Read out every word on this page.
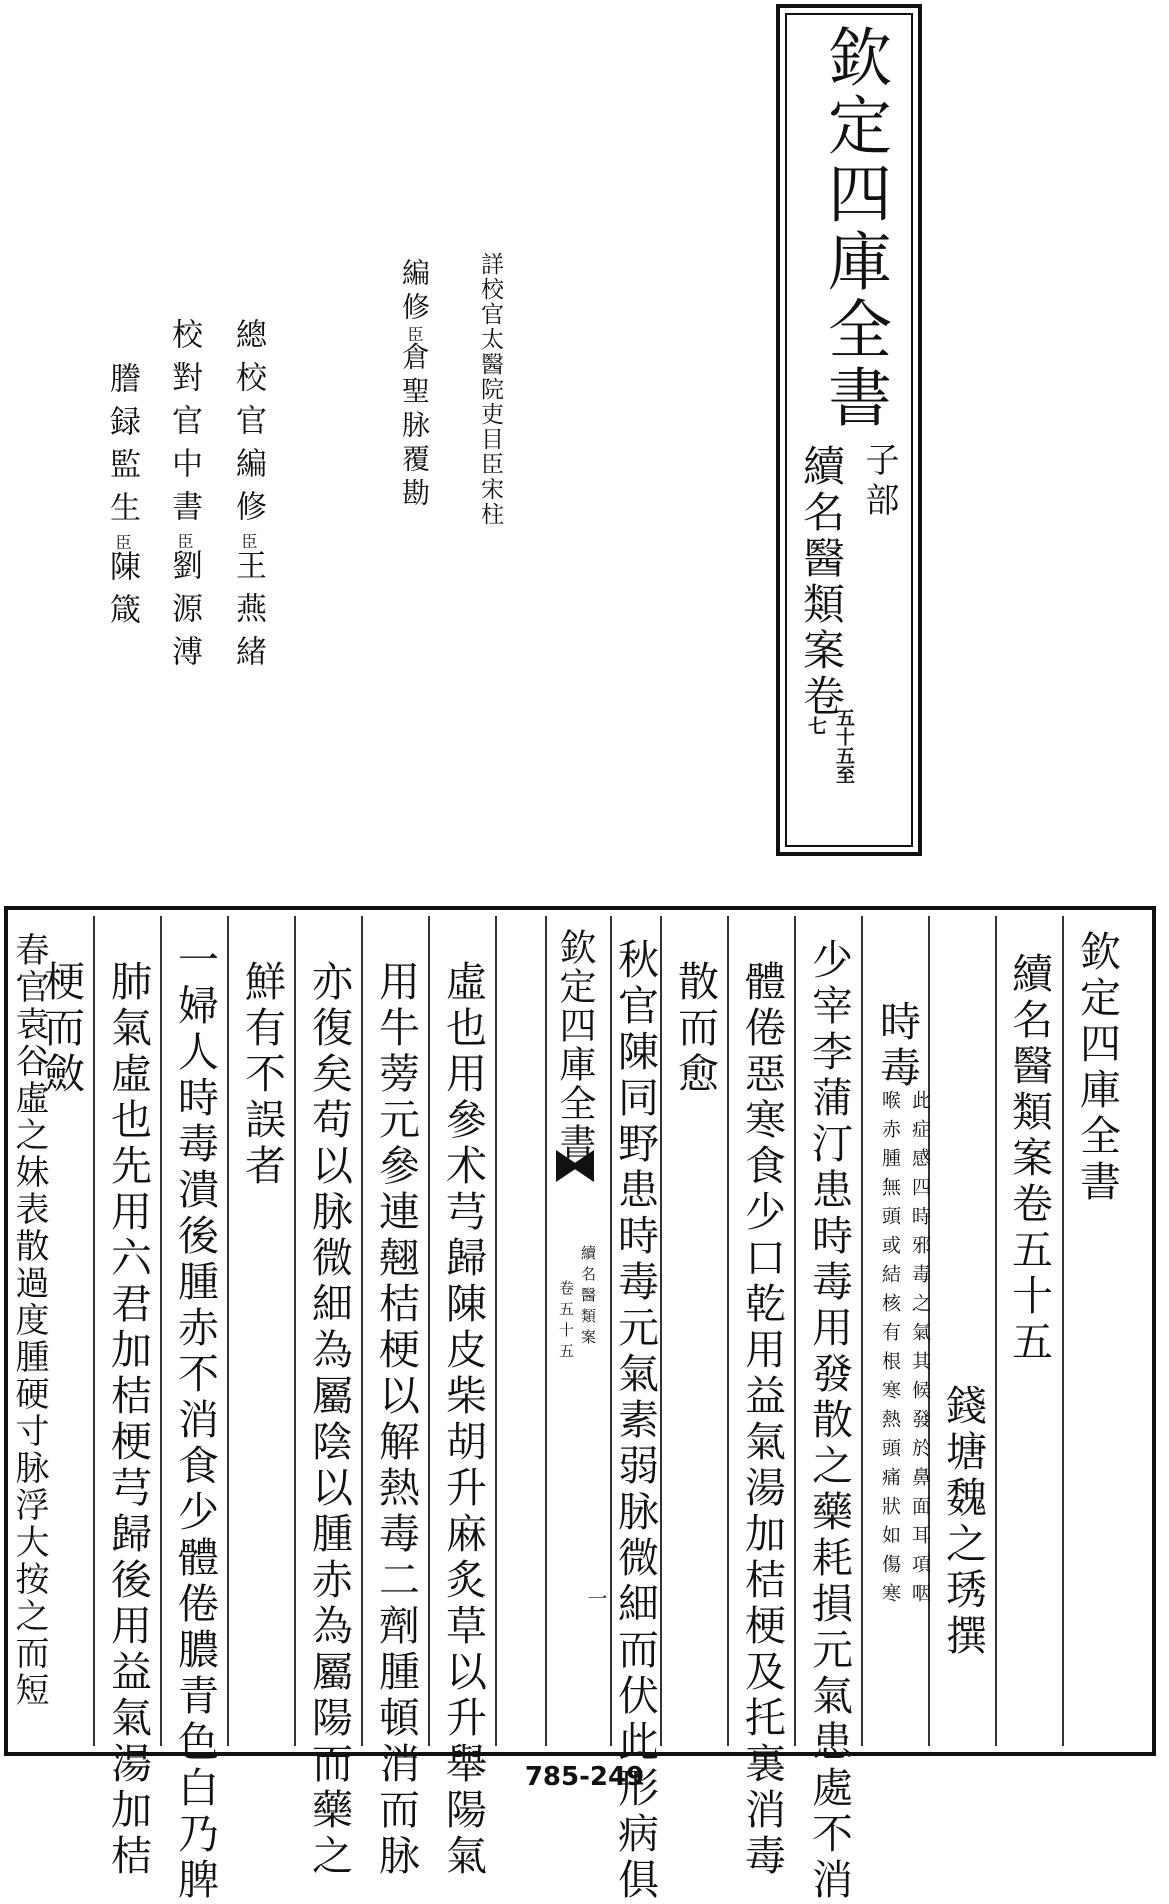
欽定四庫全書
子部
續名醫類案卷
五十五至
七
詳校官太醫院吏目臣宋柱
編修臣倉聖脉覆勘
總校官編修臣王燕緒
校對官中書臣劉源溥
謄録監生臣陳箴
欽定四庫全書
續名醫類案卷五十五
錢塘魏之琇撰
時毒
此症感四時邪毒之氣其候發於鼻面耳項咽
喉赤腫無頭或結核有根寒熱頭痛狀如傷寒
少宰李蒲汀患時毒用發散之藥耗損元氣患處不消
體倦惡寒食少口乾用益氣湯加桔梗及托裏消毒
散而愈
欽定四庫全書
續名醫類案
卷五十五
一 秋官陳同野患時毒元氣素弱脉微細而伏此形病俱
虛也用參术芎歸陳皮柴胡升麻炙草以升舉陽氣
用牛蒡元參連翹桔梗以解熱毒二劑腫頓消而脉
亦復矣苟以脉微細為屬陰以腫赤為屬陽而藥之
鮮有不誤者
一婦人時毒潰後腫赤不消食少體倦膿青色白乃脾
肺氣虛也先用六君加桔梗芎歸後用益氣湯加桔
梗而斂
春官袁谷虛之妹表散過度腫硬寸脉浮大按之而短
785-249
